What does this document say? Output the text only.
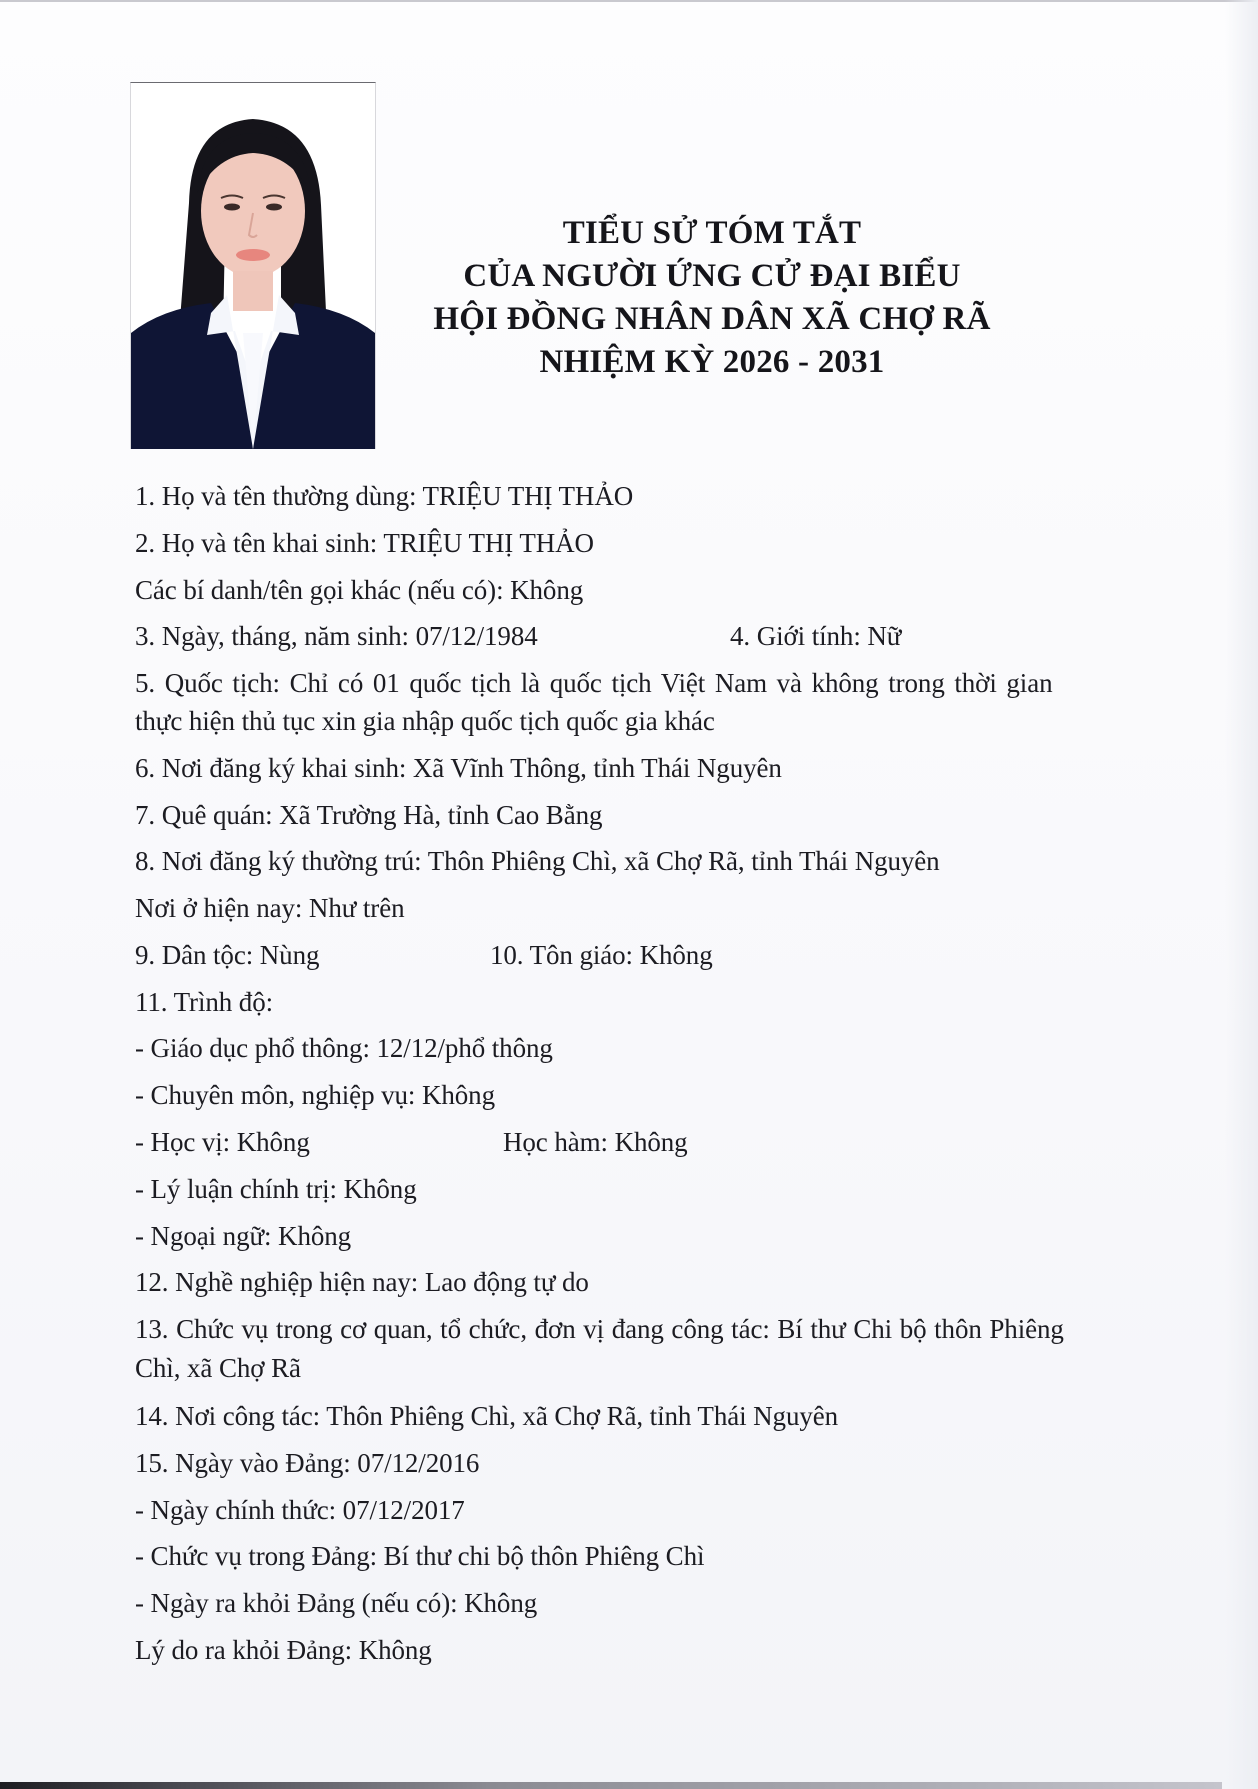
TIỂU SỬ TÓM TẮT
CỦA NGƯỜI ỨNG CỬ ĐẠI BIỂU
HỘI ĐỒNG NHÂN DÂN XÃ CHỢ RÃ
NHIỆM KỲ 2026 - 2031
1. Họ và tên thường dùng: TRIỆU THỊ THẢO
2. Họ và tên khai sinh: TRIỆU THỊ THẢO
Các bí danh/tên gọi khác (nếu có): Không
3. Ngày, tháng, năm sinh: 07/12/1984	4. Giới tính: Nữ
5. Quốc tịch: Chỉ có 01 quốc tịch là quốc tịch Việt Nam và không trong thời gian
thực hiện thủ tục xin gia nhập quốc tịch quốc gia khác
6. Nơi đăng ký khai sinh: Xã Vĩnh Thông, tỉnh Thái Nguyên
7. Quê quán: Xã Trường Hà, tỉnh Cao Bằng
8. Nơi đăng ký thường trú: Thôn Phiêng Chì, xã Chợ Rã, tỉnh Thái Nguyên
Nơi ở hiện nay: Như trên
9. Dân tộc: Nùng	10. Tôn giáo: Không
11. Trình độ:
- Giáo dục phổ thông: 12/12/phổ thông
- Chuyên môn, nghiệp vụ: Không
- Học vị: Không	Học hàm: Không
- Lý luận chính trị: Không
- Ngoại ngữ: Không
12. Nghề nghiệp hiện nay: Lao động tự do
13. Chức vụ trong cơ quan, tổ chức, đơn vị đang công tác: Bí thư Chi bộ thôn Phiêng
Chì, xã Chợ Rã
14. Nơi công tác: Thôn Phiêng Chì, xã Chợ Rã, tỉnh Thái Nguyên
15. Ngày vào Đảng: 07/12/2016
- Ngày chính thức: 07/12/2017
- Chức vụ trong Đảng: Bí thư chi bộ thôn Phiêng Chì
- Ngày ra khỏi Đảng (nếu có): Không
Lý do ra khỏi Đảng: Không
